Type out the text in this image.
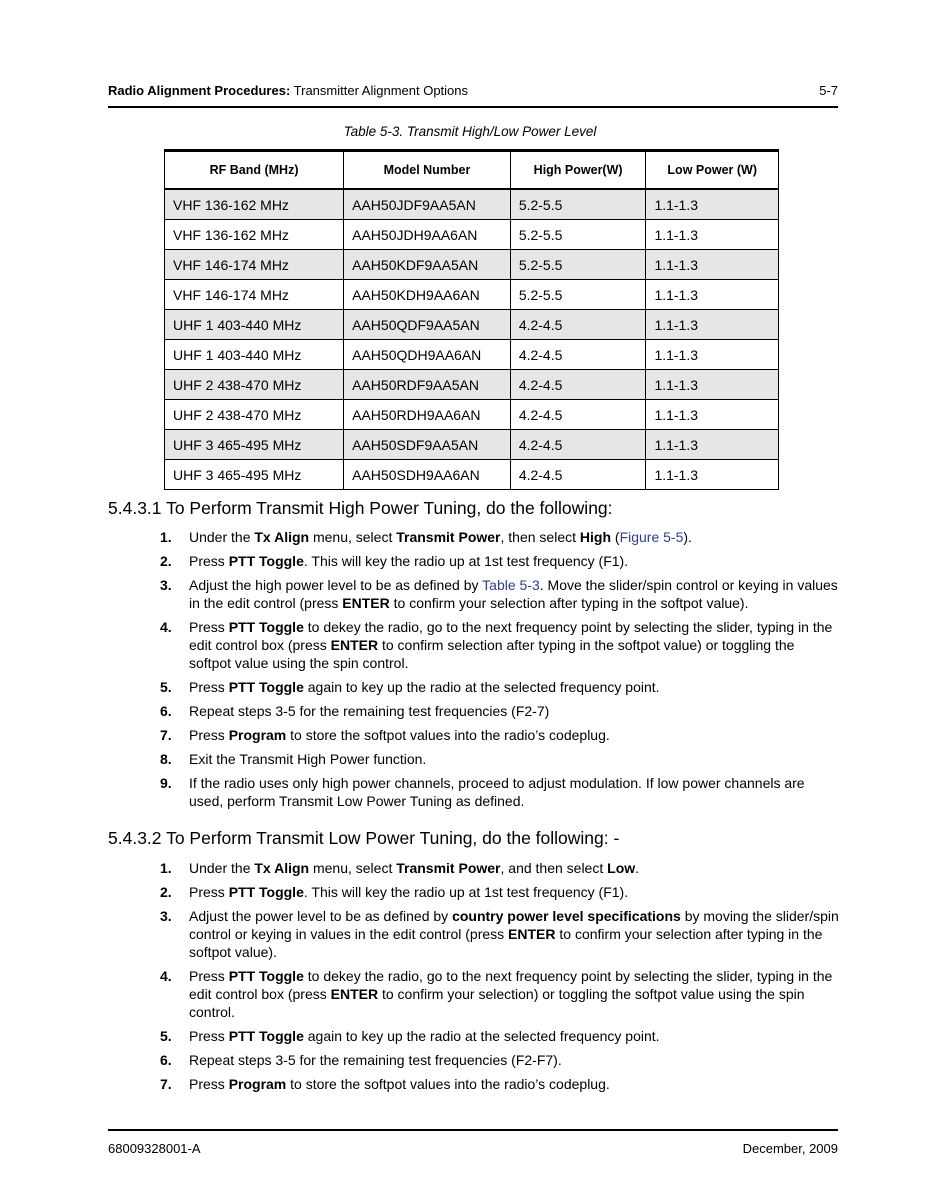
Radio Alignment Procedures: Transmitter Alignment Options	5-7
Table 5-3. Transmit High/Low Power Level
RF Band (MHz)	Model Number	High Power(W)	Low Power (W)
VHF 136-162 MHz	AAH50JDF9AA5AN	5.2-5.5	1.1-1.3
VHF 136-162 MHz	AAH50JDH9AA6AN	5.2-5.5	1.1-1.3
VHF 146-174 MHz	AAH50KDF9AA5AN	5.2-5.5	1.1-1.3
VHF 146-174 MHz	AAH50KDH9AA6AN	5.2-5.5	1.1-1.3
UHF 1 403-440 MHz	AAH50QDF9AA5AN	4.2-4.5	1.1-1.3
UHF 1 403-440 MHz	AAH50QDH9AA6AN	4.2-4.5	1.1-1.3
UHF 2 438-470 MHz	AAH50RDF9AA5AN	4.2-4.5	1.1-1.3
UHF 2 438-470 MHz	AAH50RDH9AA6AN	4.2-4.5	1.1-1.3
UHF 3 465-495 MHz	AAH50SDF9AA5AN	4.2-4.5	1.1-1.3
UHF 3 465-495 MHz	AAH50SDH9AA6AN	4.2-4.5	1.1-1.3
5.4.3.1 To Perform Transmit High Power Tuning, do the following:
1.	Under the Tx Align menu, select Transmit Power, then select High (Figure 5-5).
2.	Press PTT Toggle. This will key the radio up at 1st test frequency (F1).
3.	Adjust the high power level to be as defined by Table 5-3. Move the slider/spin control or keying in values in the edit control (press ENTER to confirm your selection after typing in the softpot value).
4.	Press PTT Toggle to dekey the radio, go to the next frequency point by selecting the slider, typing in the edit control box (press ENTER to confirm selection after typing in the softpot value) or toggling the softpot value using the spin control.
5.	Press PTT Toggle again to key up the radio at the selected frequency point.
6.	Repeat steps 3-5 for the remaining test frequencies (F2-7)
7.	Press Program to store the softpot values into the radio’s codeplug.
8.	Exit the Transmit High Power function.
9.	If the radio uses only high power channels, proceed to adjust modulation. If low power channels are used, perform Transmit Low Power Tuning as defined.
5.4.3.2 To Perform Transmit Low Power Tuning, do the following: -
1.	Under the Tx Align menu, select Transmit Power, and then select Low.
2.	Press PTT Toggle. This will key the radio up at 1st test frequency (F1).
3.	Adjust the power level to be as defined by country power level specifications by moving the slider/spin control or keying in values in the edit control (press ENTER to confirm your selection after typing in the softpot value).
4.	Press PTT Toggle to dekey the radio, go to the next frequency point by selecting the slider, typing in the edit control box (press ENTER to confirm your selection) or toggling the softpot value using the spin control.
5.	Press PTT Toggle again to key up the radio at the selected frequency point.
6.	Repeat steps 3-5 for the remaining test frequencies (F2-F7).
7.	Press Program to store the softpot values into the radio’s codeplug.
68009328001-A	December, 2009
